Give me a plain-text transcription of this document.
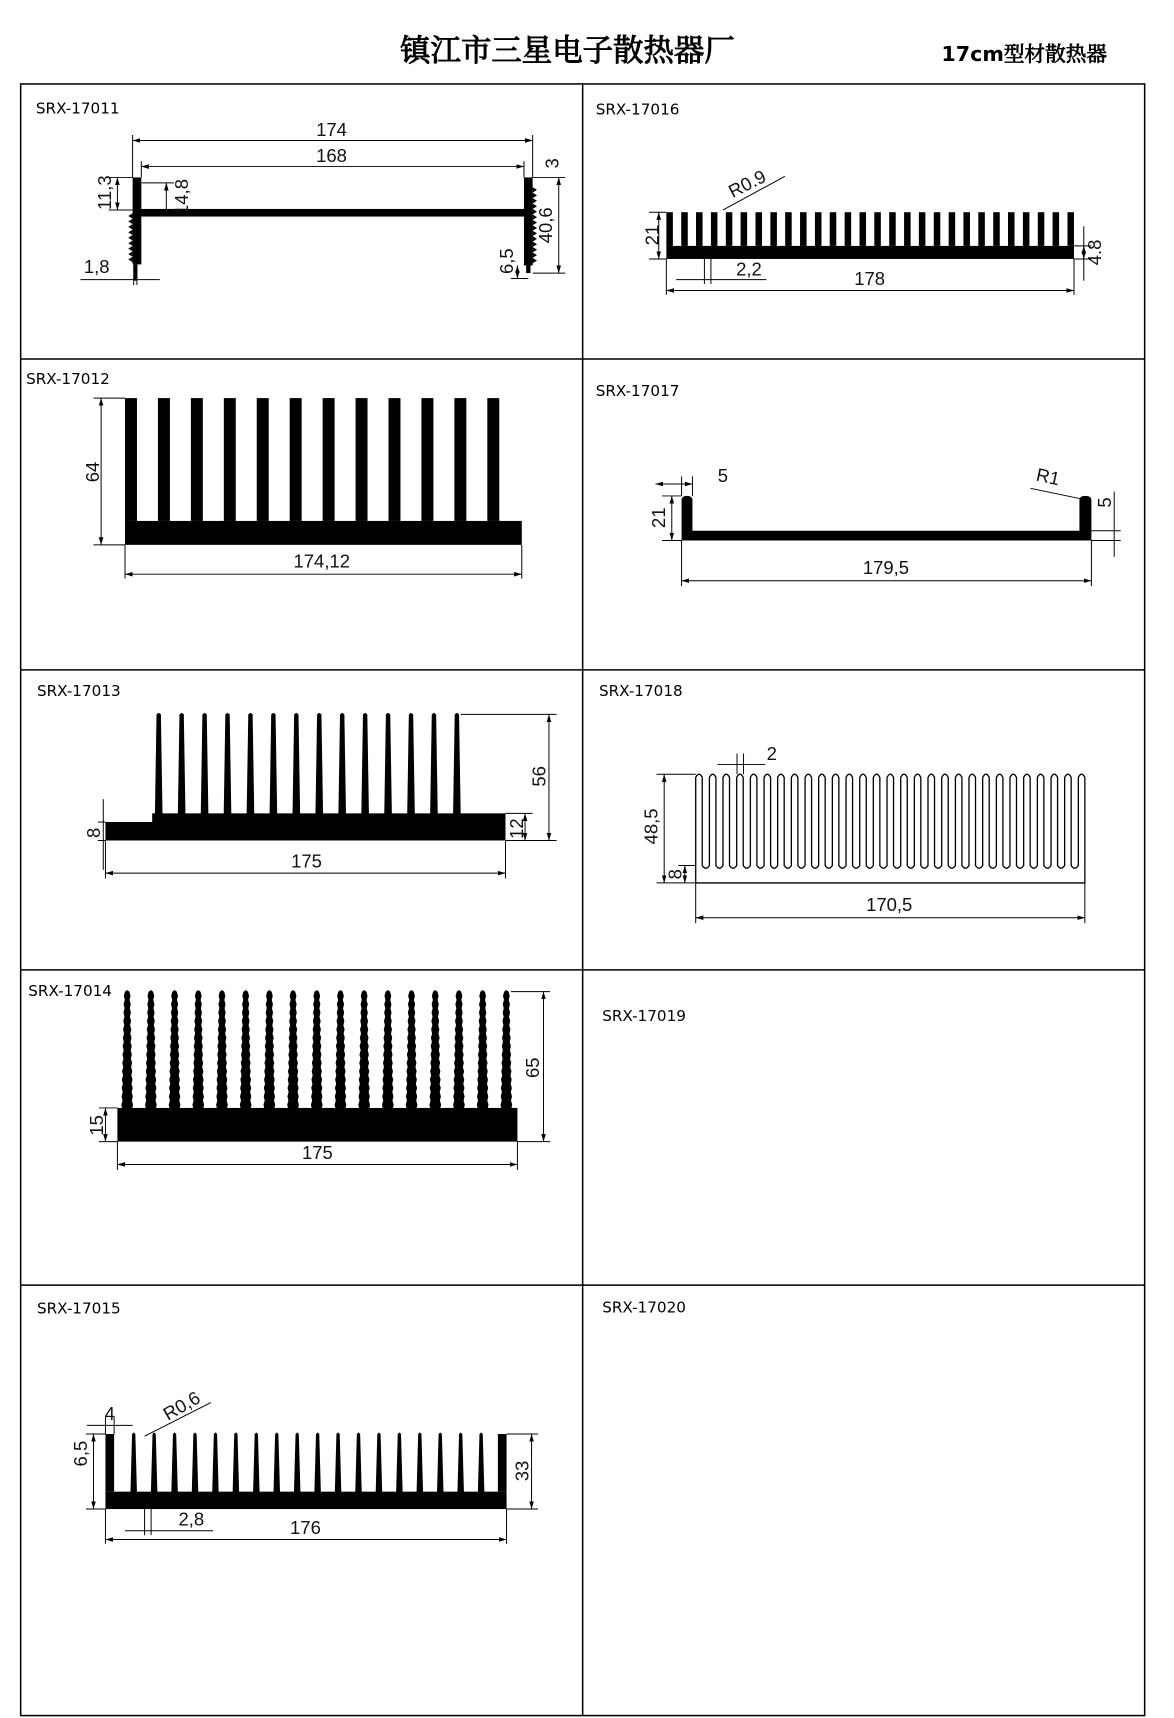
镇江市三星电子散热器厂	17cm型材散热器
SRX-17011
174
168
11,3	14,8
3
40,6
1,8	6,5
SRX-17016
R0.9
21
2,2	178
4.8
SRX-17012
64
174,12
SRX-17017
5	R1
21
5
179,5
SRX-17013
56
8	12
175
SRX-17018
2
48,5
8
170,5
SRX-17014
65
15
175
SRX-17019
SRX-17015
4	R0,6
6,5
33
2,8	176
SRX-17020
